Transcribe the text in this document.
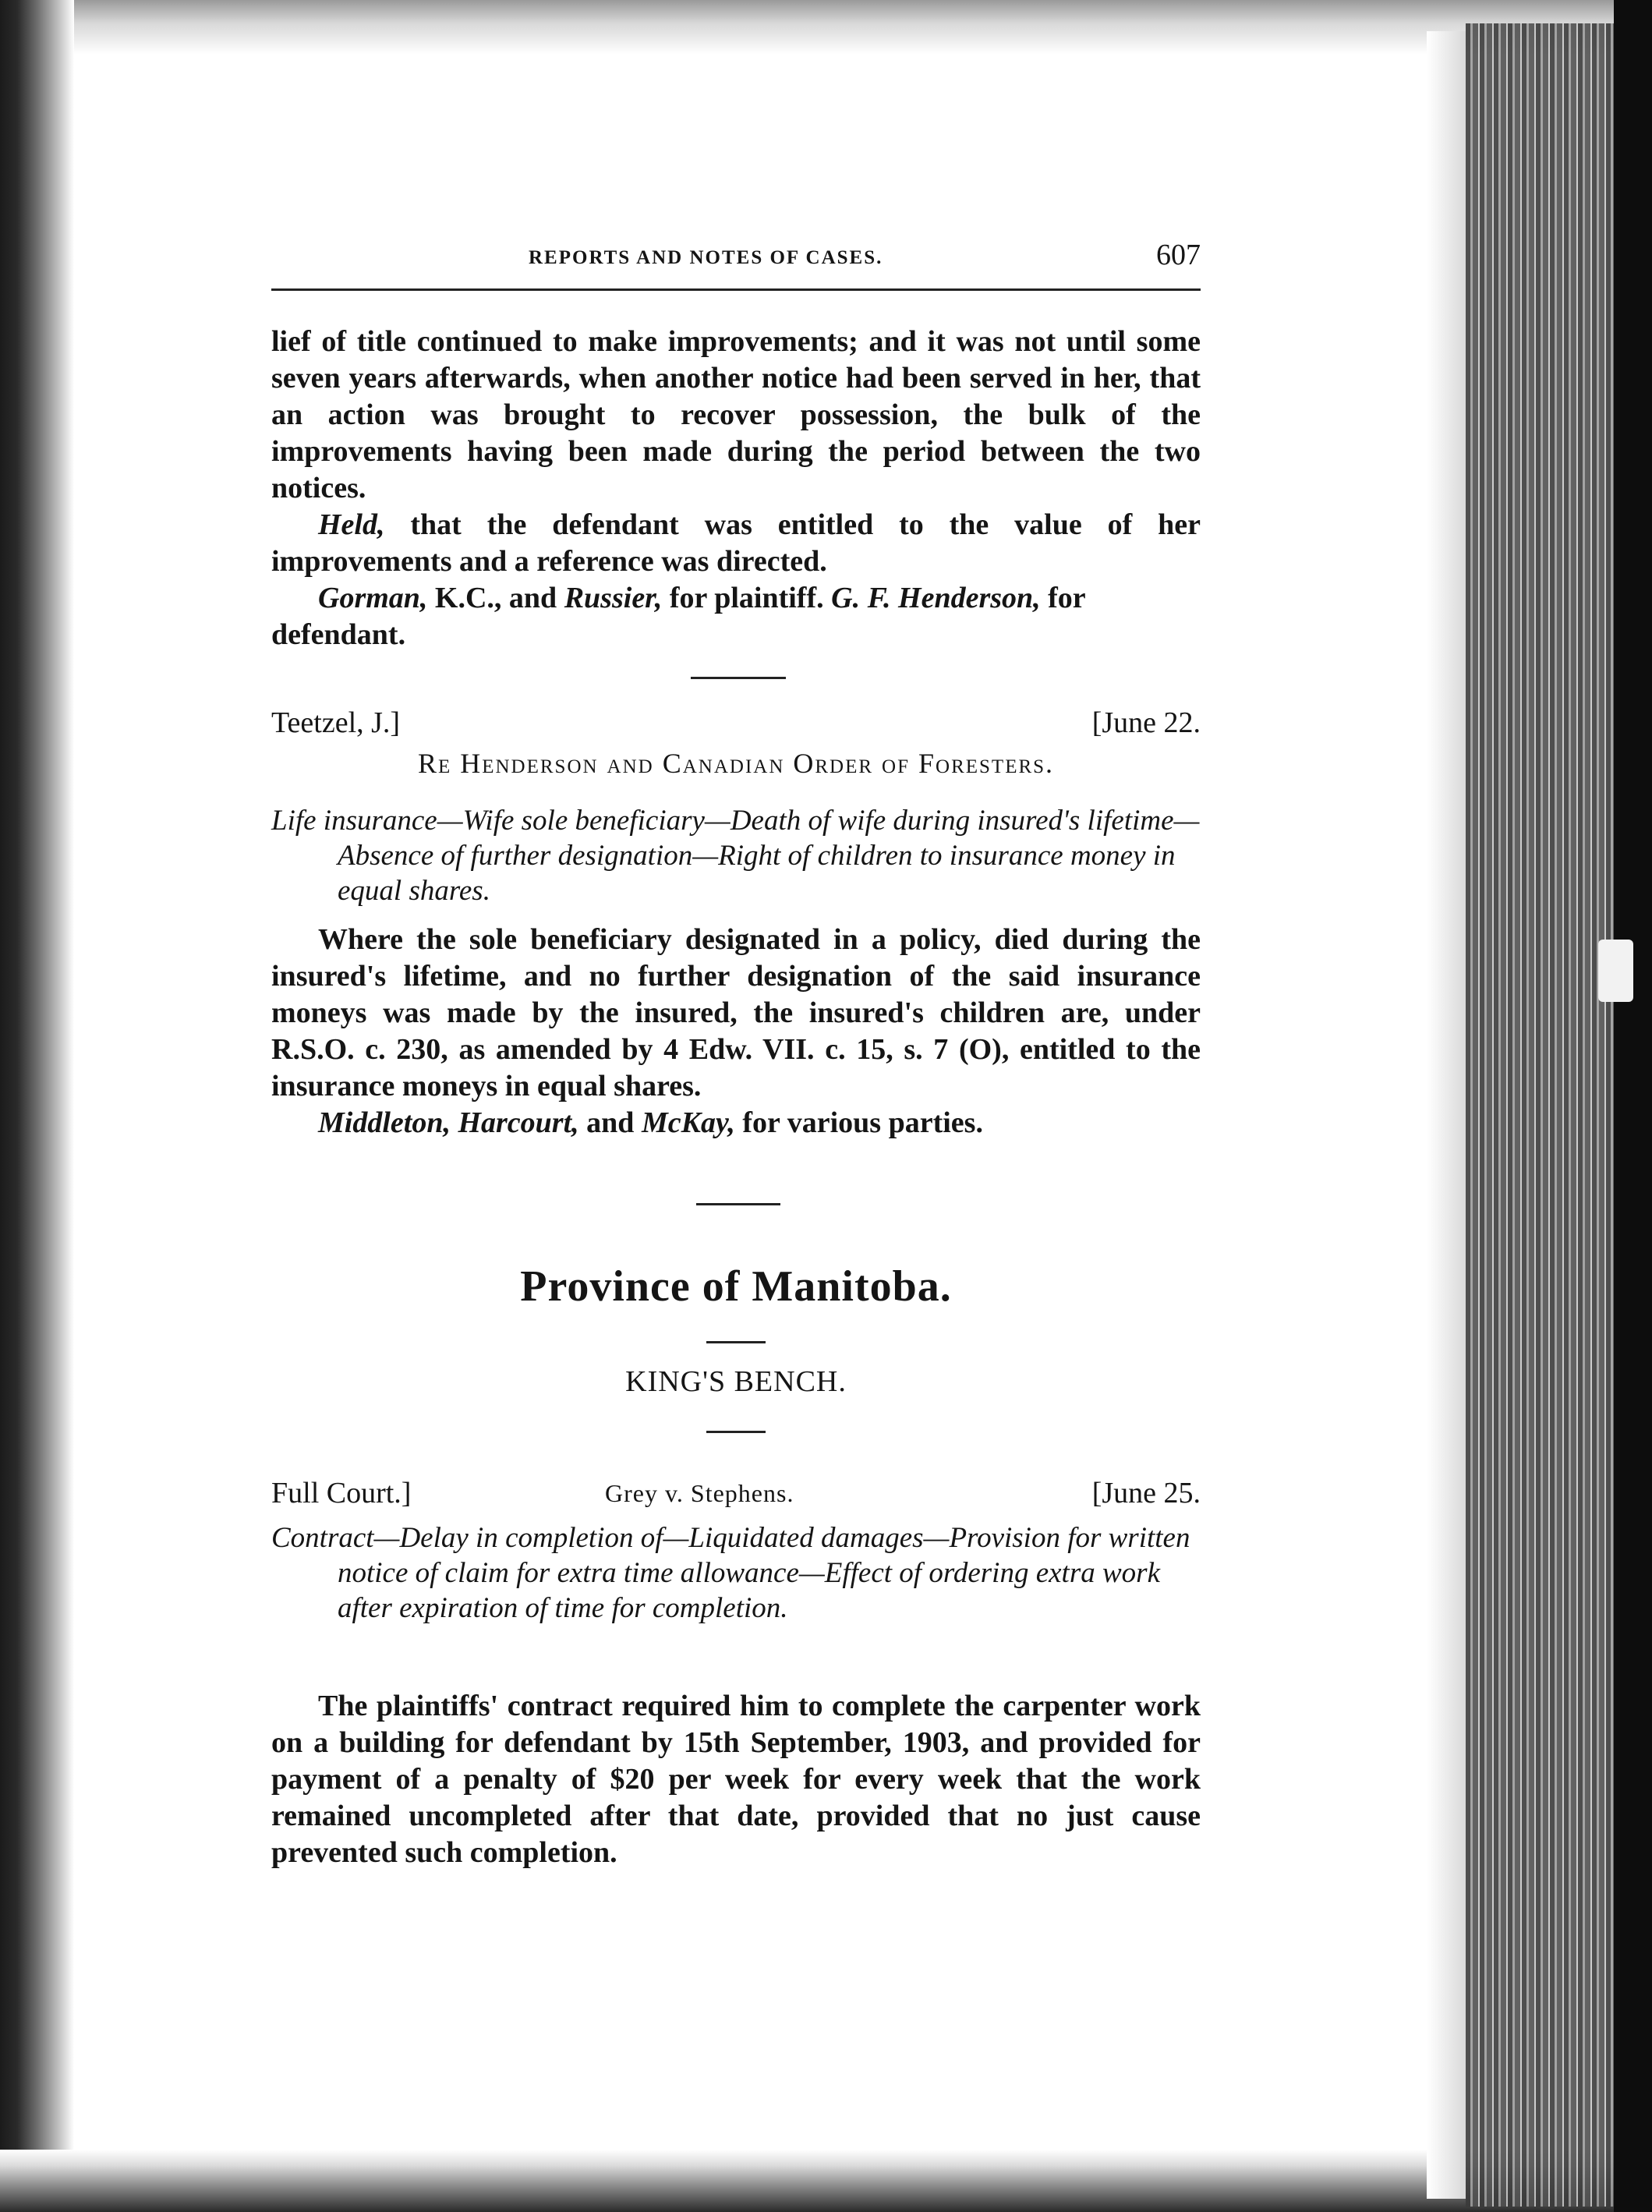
REPORTS AND NOTES OF CASES.	607

lief of title continued to make improvements; and it was not until some seven years afterwards, when another notice had been served in her, that an action was brought to recover possession, the bulk of the improvements having been made during the period between the two notices.

Held, that the defendant was entitled to the value of her improvements and a reference was directed.

Gorman, K.C., and Russier, for plaintiff. G. F. Henderson, for defendant.

Teetzel, J.]	[June 22.
Re Henderson and Canadian Order of Foresters.

Life insurance—Wife sole beneficiary—Death of wife during insured's lifetime—Absence of further designation—Right of children to insurance money in equal shares.

Where the sole beneficiary designated in a policy, died during the insured's lifetime, and no further designation of the said insurance moneys was made by the insured, the insured's children are, under R.S.O. c. 230, as amended by 4 Edw. VII. c. 15, s. 7 (O), entitled to the insurance moneys in equal shares.

Middleton, Harcourt, and McKay, for various parties.

Province of Manitoba.
KING'S BENCH.
Full Court.]	Grey v. Stephens.	[June 25.

Contract—Delay in completion of—Liquidated damages—Provision for written notice of claim for extra time allowance—Effect of ordering extra work after expiration of time for completion.

The plaintiffs' contract required him to complete the carpenter work on a building for defendant by 15th September, 1903, and provided for payment of a penalty of $20 per week for every week that the work remained uncompleted after that date, provided that no just cause prevented such completion.
